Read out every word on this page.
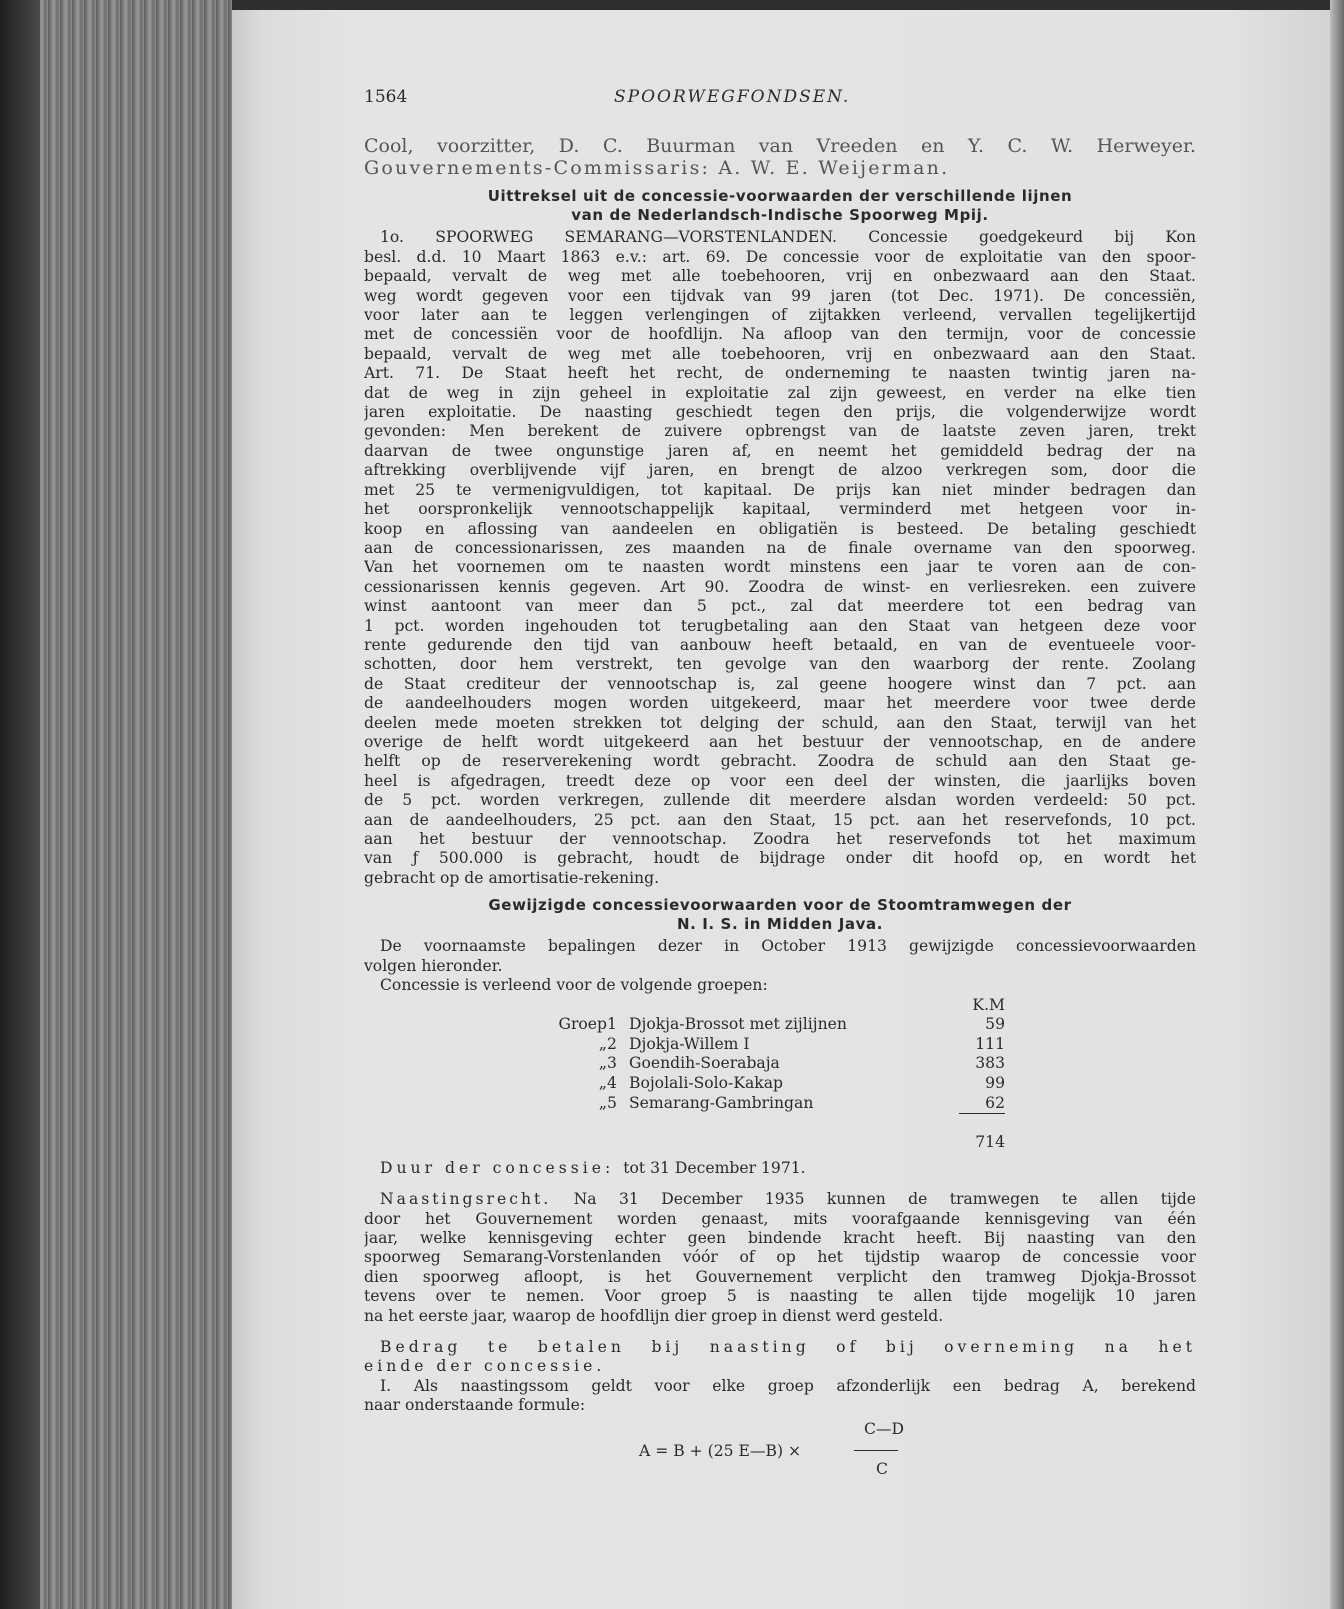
1564	SPOORWEGFONDSEN.
Cool, voorzitter, D. C. Buurman van Vreeden en Y. C. W. Herweyer.
Gouvernements-Commissaris: A. W. E. Weijerman.
Uittreksel uit de concessie-voorwaarden der verschillende lijnen
van de Nederlandsch-Indische Spoorweg Mpij.
1o. SPOORWEG SEMARANG—VORSTENLANDEN. Concessie goedgekeurd bij Kon
besl. d.d. 10 Maart 1863 e.v.: art. 69. De concessie voor de exploitatie van den spoor-
bepaald, vervalt de weg met alle toebehooren, vrij en onbezwaard aan den Staat.
weg wordt gegeven voor een tijdvak van 99 jaren (tot Dec. 1971). De concessiën,
voor later aan te leggen verlengingen of zijtakken verleend, vervallen tegelijkertijd
met de concessiën voor de hoofdlijn. Na afloop van den termijn, voor de concessie
bepaald, vervalt de weg met alle toebehooren, vrij en onbezwaard aan den Staat.
Art. 71. De Staat heeft het recht, de onderneming te naasten twintig jaren na-
dat de weg in zijn geheel in exploitatie zal zijn geweest, en verder na elke tien
jaren exploitatie. De naasting geschiedt tegen den prijs, die volgenderwijze wordt
gevonden: Men berekent de zuivere opbrengst van de laatste zeven jaren, trekt
daarvan de twee ongunstige jaren af, en neemt het gemiddeld bedrag der na
aftrekking overblijvende vijf jaren, en brengt de alzoo verkregen som, door die
met 25 te vermenigvuldigen, tot kapitaal. De prijs kan niet minder bedragen dan
het oorspronkelijk vennootschappelijk kapitaal, verminderd met hetgeen voor in-
koop en aflossing van aandeelen en obligatiën is besteed. De betaling geschiedt
aan de concessionarissen, zes maanden na de finale overname van den spoorweg.
Van het voornemen om te naasten wordt minstens een jaar te voren aan de con-
cessionarissen kennis gegeven. Art 90. Zoodra de winst- en verliesreken. een zuivere
winst aantoont van meer dan 5 pct., zal dat meerdere tot een bedrag van
1 pct. worden ingehouden tot terugbetaling aan den Staat van hetgeen deze voor
rente gedurende den tijd van aanbouw heeft betaald, en van de eventueele voor-
schotten, door hem verstrekt, ten gevolge van den waarborg der rente. Zoolang
de Staat crediteur der vennootschap is, zal geene hoogere winst dan 7 pct. aan
de aandeelhouders mogen worden uitgekeerd, maar het meerdere voor twee derde
deelen mede moeten strekken tot delging der schuld, aan den Staat, terwijl van het
overige de helft wordt uitgekeerd aan het bestuur der vennootschap, en de andere
helft op de reserverekening wordt gebracht. Zoodra de schuld aan den Staat ge-
heel is afgedragen, treedt deze op voor een deel der winsten, die jaarlijks boven
de 5 pct. worden verkregen, zullende dit meerdere alsdan worden verdeeld: 50 pct.
aan de aandeelhouders, 25 pct. aan den Staat, 15 pct. aan het reservefonds, 10 pct.
aan het bestuur der vennootschap. Zoodra het reservefonds tot het maximum
van ƒ 500.000 is gebracht, houdt de bijdrage onder dit hoofd op, en wordt het
gebracht op de amortisatie-rekening.
Gewijzigde concessievoorwaarden voor de Stoomtramwegen der
N. I. S. in Midden Java.
De voornaamste bepalingen dezer in October 1913 gewijzigde concessievoorwaarden
volgen hieronder.
Concessie is verleend voor de volgende groepen:
			K.M
Groep	1	Djokja-Brossot met zijlijnen	59
„	2	Djokja-Willem I	111
„	3	Goendih-Soerabaja	383
„	4	Bojolali-Solo-Kakap	99
„	5	Semarang-Gambringan	62

			714
Duur der concessie: tot 31 December 1971.
Naastingsrecht. Na 31 December 1935 kunnen de tramwegen te allen tijde
door het Gouvernement worden genaast, mits voorafgaande kennisgeving van één
jaar, welke kennisgeving echter geen bindende kracht heeft. Bij naasting van den
spoorweg Semarang-Vorstenlanden vóór of op het tijdstip waarop de concessie voor
dien spoorweg afloopt, is het Gouvernement verplicht den tramweg Djokja-Brossot
tevens over te nemen. Voor groep 5 is naasting te allen tijde mogelijk 10 jaren
na het eerste jaar, waarop de hoofdlijn dier groep in dienst werd gesteld.
Bedrag te betalen bij naasting of bij overneming na het
einde der concessie.
I. Als naastingssom geldt voor elke groep afzonderlijk een bedrag A, berekend
naar onderstaande formule:
A = B + (25 E—B) ×
C—D
C
